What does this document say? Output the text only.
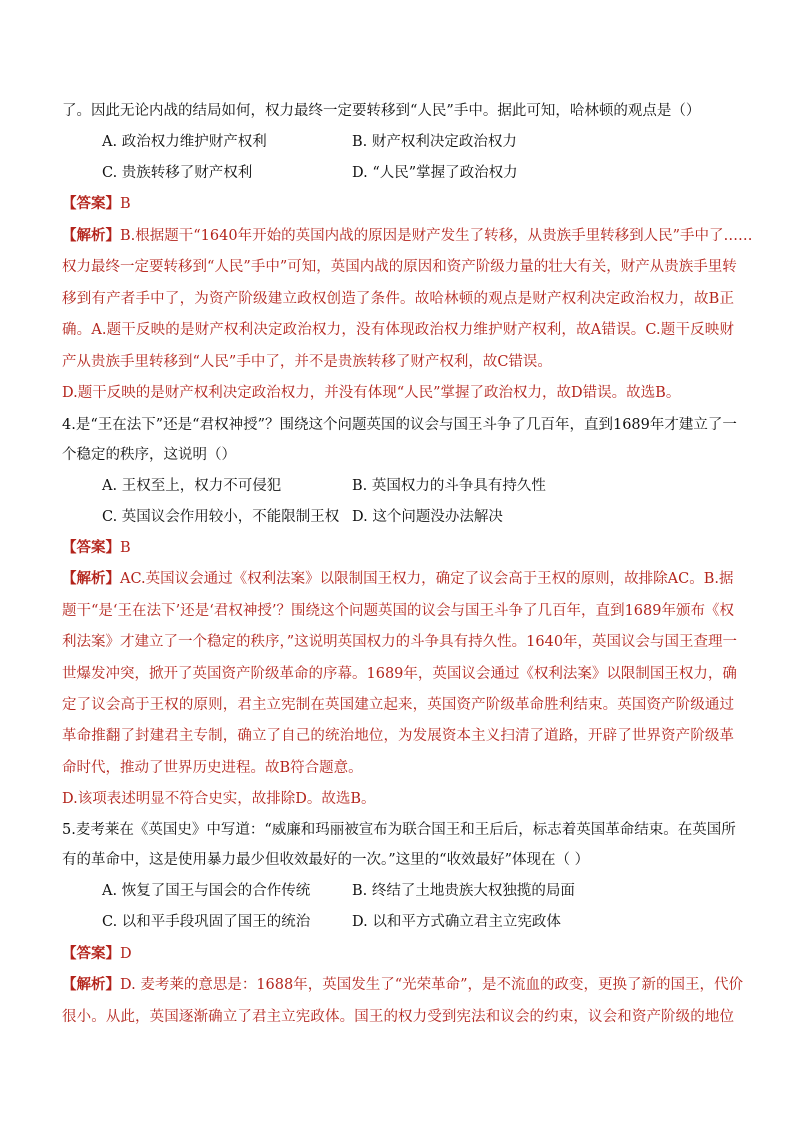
了。因此无论内战的结局如何，权力最终一定要转移到“人民”手中。据此可知，哈林顿的观点是（）
A. 政治权力维护财产权利	B. 财产权利决定政治权力
C. 贵族转移了财产权利	D. “人民”掌握了政治权力
【答案】B
【解析】B.根据题干“1640年开始的英国内战的原因是财产发生了转移，从贵族手里转移到人民”手中了……
权力最终一定要转移到“人民”手中”可知，英国内战的原因和资产阶级力量的壮大有关，财产从贵族手里转
移到有产者手中了，为资产阶级建立政权创造了条件。故哈林顿的观点是财产权利决定政治权力，故B正
确。A.题干反映的是财产权利决定政治权力，没有体现政治权力维护财产权利，故A错误。C.题干反映财
产从贵族手里转移到“人民”手中了，并不是贵族转移了财产权利，故C错误。
D.题干反映的是财产权利决定政治权力，并没有体现“人民”掌握了政治权力，故D错误。故选B。
4.是“王在法下”还是“君权神授”？围绕这个问题英国的议会与国王斗争了几百年，直到1689年才建立了一
个稳定的秩序，这说明（）
A. 王权至上，权力不可侵犯	B. 英国权力的斗争具有持久性
C. 英国议会作用较小，不能限制王权 D. 这个问题没办法解决
【答案】B
【解析】AC.英国议会通过《权利法案》以限制国王权力，确定了议会高于王权的原则，故排除AC。B.据
题干“是‘王在法下’还是‘君权神授’？围绕这个问题英国的议会与国王斗争了几百年，直到1689年颁布《权
利法案》才建立了一个稳定的秩序，”这说明英国权力的斗争具有持久性。1640年，英国议会与国王查理一
世爆发冲突，掀开了英国资产阶级革命的序幕。1689年，英国议会通过《权利法案》以限制国王权力，确
定了议会高于王权的原则，君主立宪制在英国建立起来，英国资产阶级革命胜利结束。英国资产阶级通过
革命推翻了封建君主专制，确立了自己的统治地位，为发展资本主义扫清了道路，开辟了世界资产阶级革
命时代，推动了世界历史进程。故B符合题意。
D.该项表述明显不符合史实，故排除D。故选B。
5.麦考莱在《英国史》中写道：“威廉和玛丽被宣布为联合国王和王后后，标志着英国革命结束。在英国所
有的革命中，这是使用暴力最少但收效最好的一次。”这里的“收效最好”体现在（ ）
A. 恢复了国王与国会的合作传统	B. 终结了土地贵族大权独揽的局面
C. 以和平手段巩固了国王的统治	D. 以和平方式确立君主立宪政体
【答案】D
【解析】D. 麦考莱的意思是：1688年，英国发生了“光荣革命”，是不流血的政变，更换了新的国王，代价
很小。从此，英国逐渐确立了君主立宪政体。国王的权力受到宪法和议会的约束，议会和资产阶级的地位
